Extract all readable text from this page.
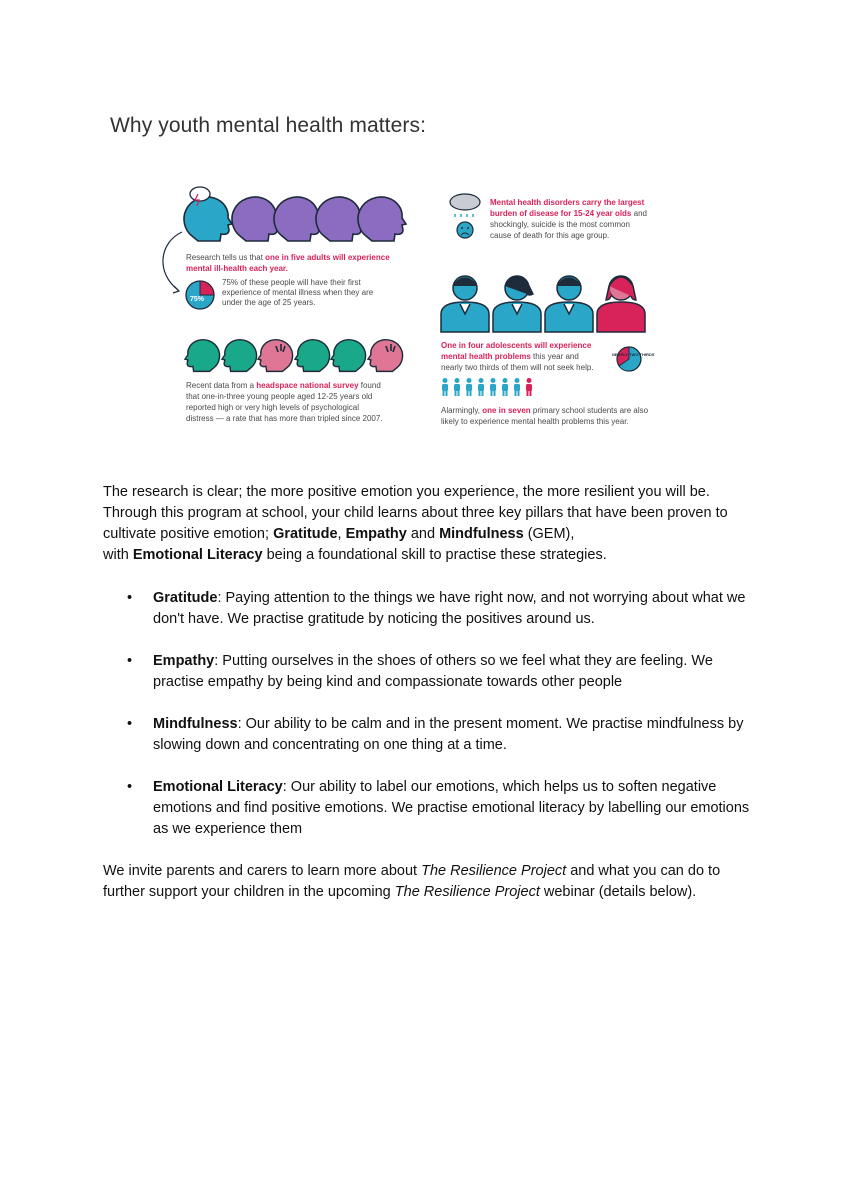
Why youth mental health matters:
Research tells us that one in five adults will experience
mental ill-health each year.
75%
75% of these people will have their first
experience of mental illness when they are
under the age of 25 years.
Recent data from a headspace national survey found
that one-in-three young people aged 12-25 years old
reported high or very high levels of psychological
distress — a rate that has more than tripled since 2007.
Mental health disorders carry the largest
burden of disease for 15-24 year olds and
shockingly, suicide is the most common
cause of death for this age group.
One in four adolescents will experience
mental health problems this year and
nearly two thirds of them will not seek help.
NEARLY TWO THIRDS
Alarmingly, one in seven primary school students are also
likely to experience mental health problems this year.

The research is clear; the more positive emotion you experience, the more resilient you will be. Through this program at school, your child learns about three key pillars that have been proven to cultivate positive emotion; Gratitude, Empathy and Mindfulness (GEM),
with Emotional Literacy being a foundational skill to practise these strategies.

• Gratitude: Paying attention to the things we have right now, and not worrying about what we don't have. We practise gratitude by noticing the positives around us.
• Empathy: Putting ourselves in the shoes of others so we feel what they are feeling. We practise empathy by being kind and compassionate towards other people
• Mindfulness: Our ability to be calm and in the present moment. We practise mindfulness by slowing down and concentrating on one thing at a time.
• Emotional Literacy: Our ability to label our emotions, which helps us to soften negative emotions and find positive emotions. We practise emotional literacy by labelling our emotions as we experience them

We invite parents and carers to learn more about The Resilience Project and what you can do to further support your children in the upcoming The Resilience Project webinar (details below).
